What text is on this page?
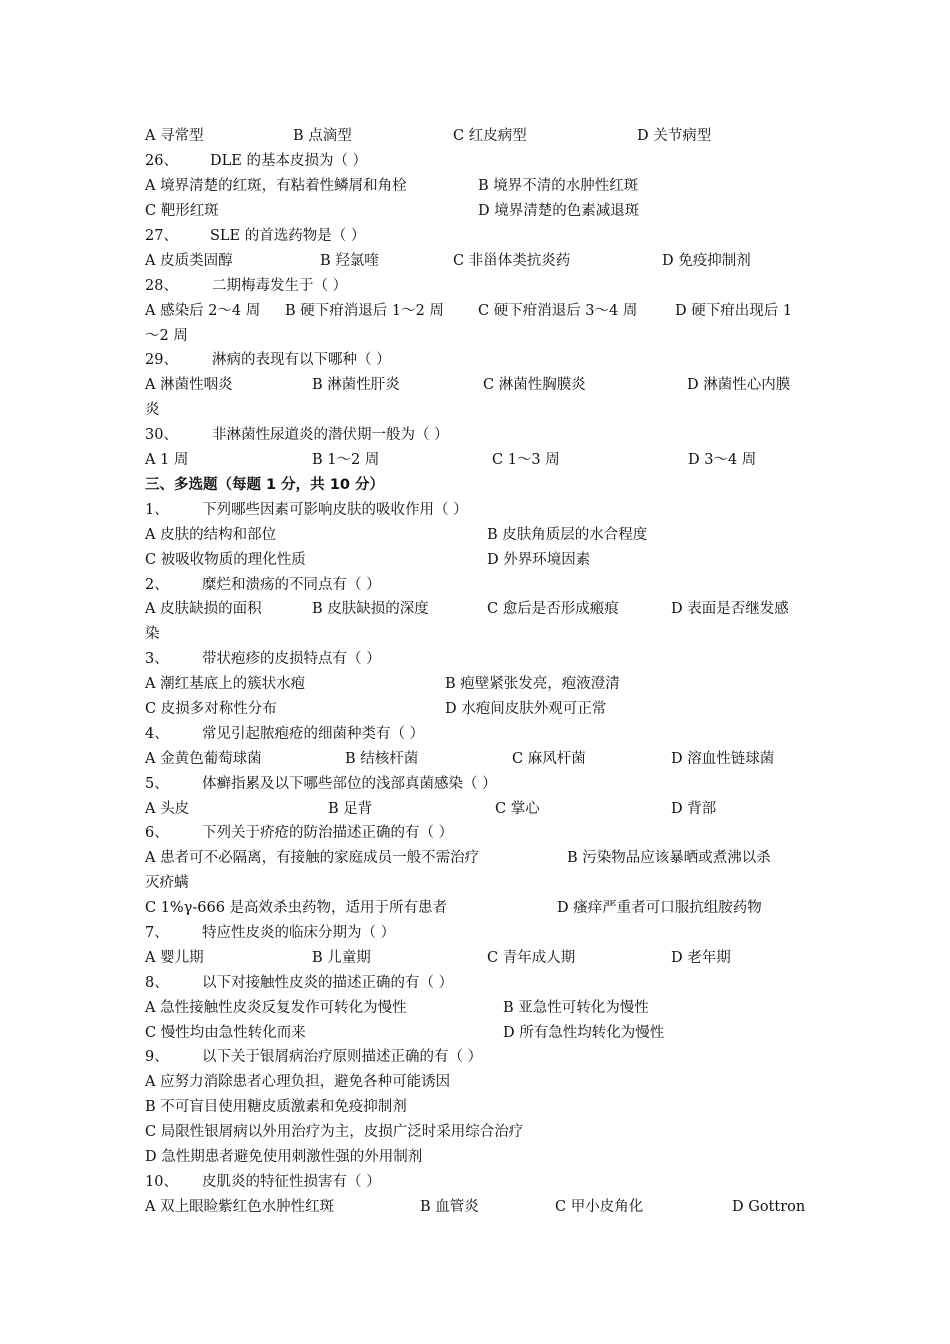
A 寻常型	B 点滴型	C 红皮病型	D 关节病型
26、 DLE 的基本皮损为（ ）
A 境界清楚的红斑，有粘着性鳞屑和角栓	B 境界不清的水肿性红斑
C 靶形红斑	D 境界清楚的色素减退斑
27、 SLE 的首选药物是（ ）
A 皮质类固醇	B 羟氯喹	C 非甾体类抗炎药	D 免疫抑制剂
28、 二期梅毒发生于（ ）
A 感染后 2～4 周 B 硬下疳消退后 1～2 周 C 硬下疳消退后 3～4 周	D 硬下疳出现后 1
～2 周
29、 淋病的表现有以下哪种（ ）
A 淋菌性咽炎	B 淋菌性肝炎	C 淋菌性胸膜炎	D 淋菌性心内膜
炎
30、 非淋菌性尿道炎的潜伏期一般为（ ）
A 1 周	B 1～2 周	C 1～3 周	D 3～4 周
三、多选题（每题 1 分，共 10 分）
1、 下列哪些因素可影响皮肤的吸收作用（ ）
A 皮肤的结构和部位	B 皮肤角质层的水合程度
C 被吸收物质的理化性质	D 外界环境因素
2、 糜烂和溃疡的不同点有（ ）
A 皮肤缺损的面积	B 皮肤缺损的深度	C 愈后是否形成瘢痕	D 表面是否继发感
染
3、 带状疱疹的皮损特点有（ ）
A 潮红基底上的簇状水疱	B 疱壁紧张发亮，疱液澄清
C 皮损多对称性分布	D 水疱间皮肤外观可正常
4、 常见引起脓疱疮的细菌种类有（ ）
A 金黄色葡萄球菌	B 结核杆菌	C 麻风杆菌	D 溶血性链球菌
5、 体癣指累及以下哪些部位的浅部真菌感染（ ）
A 头皮	B 足背	C 掌心	D 背部
6、 下列关于疥疮的防治描述正确的有（ ）
A 患者可不必隔离，有接触的家庭成员一般不需治疗	B 污染物品应该暴晒或煮沸以杀
灭疥螨
C 1%γ-666 是高效杀虫药物，适用于所有患者	D 瘙痒严重者可口服抗组胺药物
7、 特应性皮炎的临床分期为（ ）
A 婴儿期	B 儿童期	C 青年成人期	D 老年期
8、 以下对接触性皮炎的描述正确的有（ ）
A 急性接触性皮炎反复发作可转化为慢性	B 亚急性可转化为慢性
C 慢性均由急性转化而来	D 所有急性均转化为慢性
9、 以下关于银屑病治疗原则描述正确的有（ ）
A 应努力消除患者心理负担，避免各种可能诱因
B 不可盲目使用糖皮质激素和免疫抑制剂
C 局限性银屑病以外用治疗为主，皮损广泛时采用综合治疗
D 急性期患者避免使用刺激性强的外用制剂
10、 皮肌炎的特征性损害有（ ）
A 双上眼睑紫红色水肿性红斑	B 血管炎	C 甲小皮角化	D Gottron
